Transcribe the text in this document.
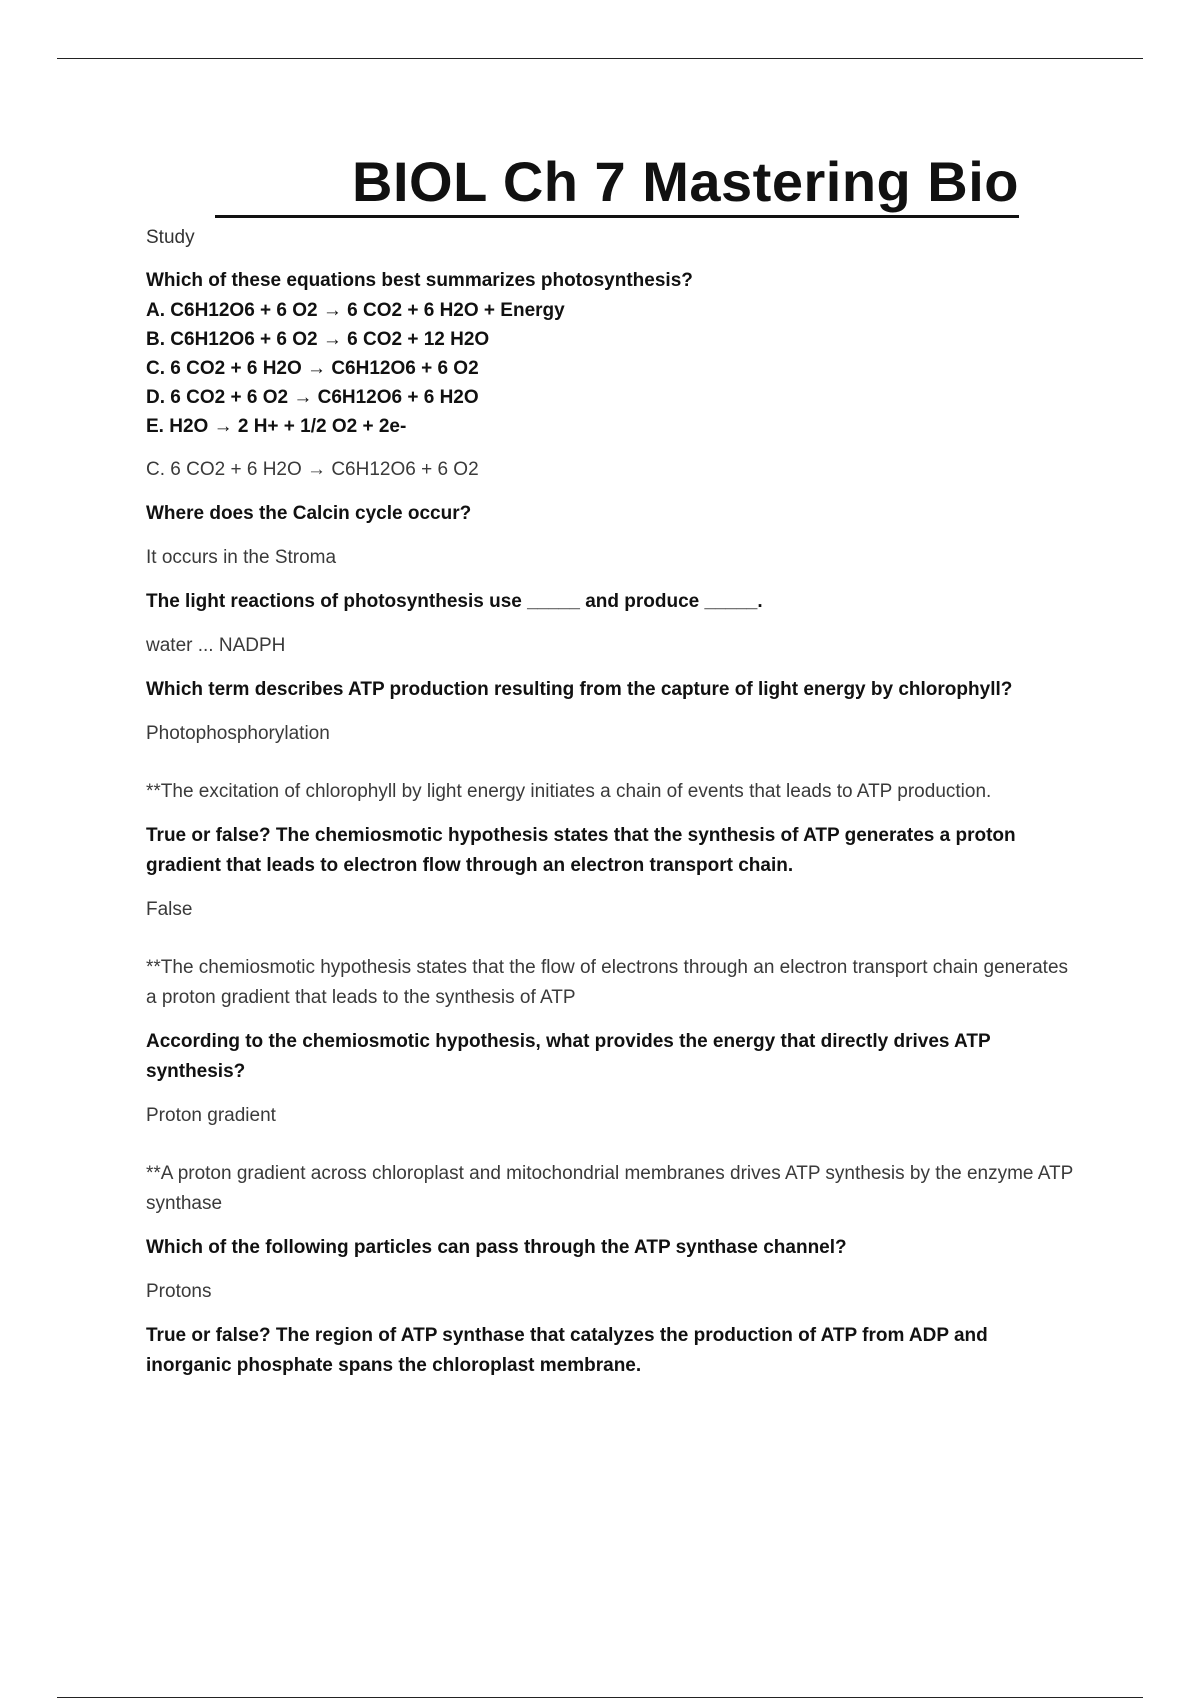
BIOL Ch 7 Mastering Bio

Study

Which of these equations best summarizes photosynthesis?

A. C6H12O6 + 6 O2 → 6 CO2 + 6 H2O + Energy

B. C6H12O6 + 6 O2 → 6 CO2 + 12 H2O

C. 6 CO2 + 6 H2O → C6H12O6 + 6 O2

D. 6 CO2 + 6 O2 → C6H12O6 + 6 H2O

E. H2O → 2 H+ + 1/2 O2 + 2e-

C. 6 CO2 + 6 H2O → C6H12O6 + 6 O2

Where does the Calcin cycle occur?

It occurs in the Stroma

The light reactions of photosynthesis use _____ and produce _____.

water ... NADPH

Which term describes ATP production resulting from the capture of light energy by chlorophyll?

Photophosphorylation

**The excitation of chlorophyll by light energy initiates a chain of events that leads to ATP production.

True or false? The chemiosmotic hypothesis states that the synthesis of ATP generates a proton gradient that leads to electron flow through an electron transport chain.

False

**The chemiosmotic hypothesis states that the flow of electrons through an electron transport chain generates a proton gradient that leads to the synthesis of ATP

According to the chemiosmotic hypothesis, what provides the energy that directly drives ATP synthesis?

Proton gradient

**A proton gradient across chloroplast and mitochondrial membranes drives ATP synthesis by the enzyme ATP synthase

Which of the following particles can pass through the ATP synthase channel?

Protons

True or false? The region of ATP synthase that catalyzes the production of ATP from ADP and inorganic phosphate spans the chloroplast membrane.
